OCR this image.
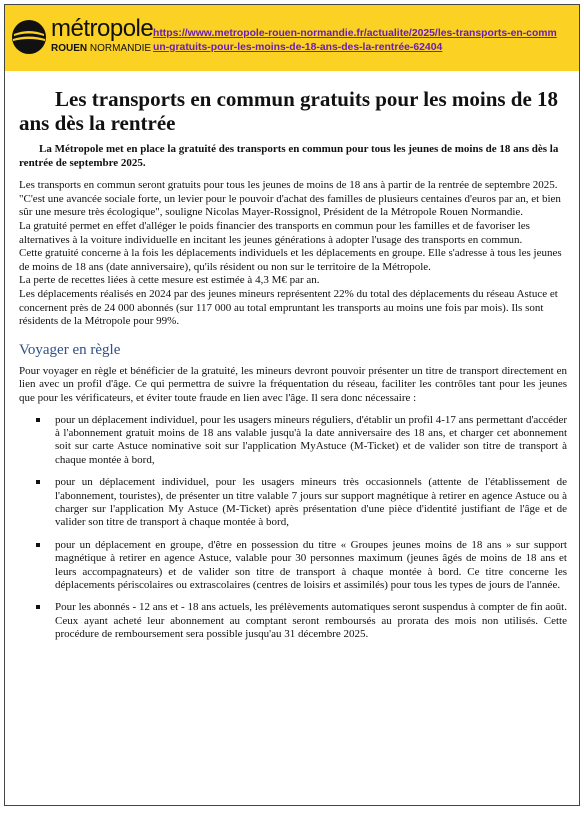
métropole
ROUEN NORMANDIE
https://www.metropole-rouen-normandie.fr/actualite/2025/les-transports-en-commun-gratuits-pour-les-moins-de-18-ans-des-la-rentrée-62404
Les transports en commun gratuits pour les moins de 18 ans dès la rentrée

La Métropole met en place la gratuité des transports en commun pour tous les jeunes de moins de 18 ans dès la rentrée de septembre 2025.

Les transports en commun seront gratuits pour tous les jeunes de moins de 18 ans à partir de la rentrée de septembre 2025. "C'est une avancée sociale forte, un levier pour le pouvoir d'achat des familles de plusieurs centaines d'euros par an, et bien sûr une mesure très écologique", souligne Nicolas Mayer-Rossignol, Président de la Métropole Rouen Normandie.

La gratuité permet en effet d'alléger le poids financier des transports en commun pour les familles et de favoriser les alternatives à la voiture individuelle en incitant les jeunes générations à adopter l'usage des transports en commun.

Cette gratuité concerne à la fois les déplacements individuels et les déplacements en groupe. Elle s'adresse à tous les jeunes de moins de 18 ans (date anniversaire), qu'ils résident ou non sur le territoire de la Métropole.

La perte de recettes liées à cette mesure est estimée à 4,3 M€ par an.

Les déplacements réalisés en 2024 par des jeunes mineurs représentent 22% du total des déplacements du réseau Astuce et concernent près de 24 000 abonnés (sur 117 000 au total empruntant les transports au moins une fois par mois). Ils sont résidents de la Métropole pour 99%.

Voyager en règle

Pour voyager en règle et bénéficier de la gratuité, les mineurs devront pouvoir présenter un titre de transport directement en lien avec un profil d'âge. Ce qui permettra de suivre la fréquentation du réseau, faciliter les contrôles tant pour les jeunes que pour les vérificateurs, et éviter toute fraude en lien avec l'âge. Il sera donc nécessaire :

pour un déplacement individuel, pour les usagers mineurs réguliers, d'établir un profil 4-17 ans permettant d'accéder à l'abonnement gratuit moins de 18 ans valable jusqu'à la date anniversaire des 18 ans, et charger cet abonnement soit sur carte Astuce nominative soit sur l'application MyAstuce (M-Ticket) et de valider son titre de transport à chaque montée à bord,
pour un déplacement individuel, pour les usagers mineurs très occasionnels (attente de l'établissement de l'abonnement, touristes), de présenter un titre valable 7 jours sur support magnétique à retirer en agence Astuce ou à charger sur l'application My Astuce (M-Ticket) après présentation d'une pièce d'identité justifiant de l'âge et de valider son titre de transport à chaque montée à bord,
pour un déplacement en groupe, d'être en possession du titre « Groupes jeunes moins de 18 ans » sur support magnétique à retirer en agence Astuce, valable pour 30 personnes maximum (jeunes âgés de moins de 18 ans et leurs accompagnateurs) et de valider son titre de transport à chaque montée à bord. Ce titre concerne les déplacements périscolaires ou extrascolaires (centres de loisirs et assimilés) pour tous les types de jours de l'année.
Pour les abonnés - 12 ans et - 18 ans actuels, les prélèvements automatiques seront suspendus à compter de fin août. Ceux ayant acheté leur abonnement au comptant seront remboursés au prorata des mois non utilisés. Cette procédure de remboursement sera possible jusqu'au 31 décembre 2025.
